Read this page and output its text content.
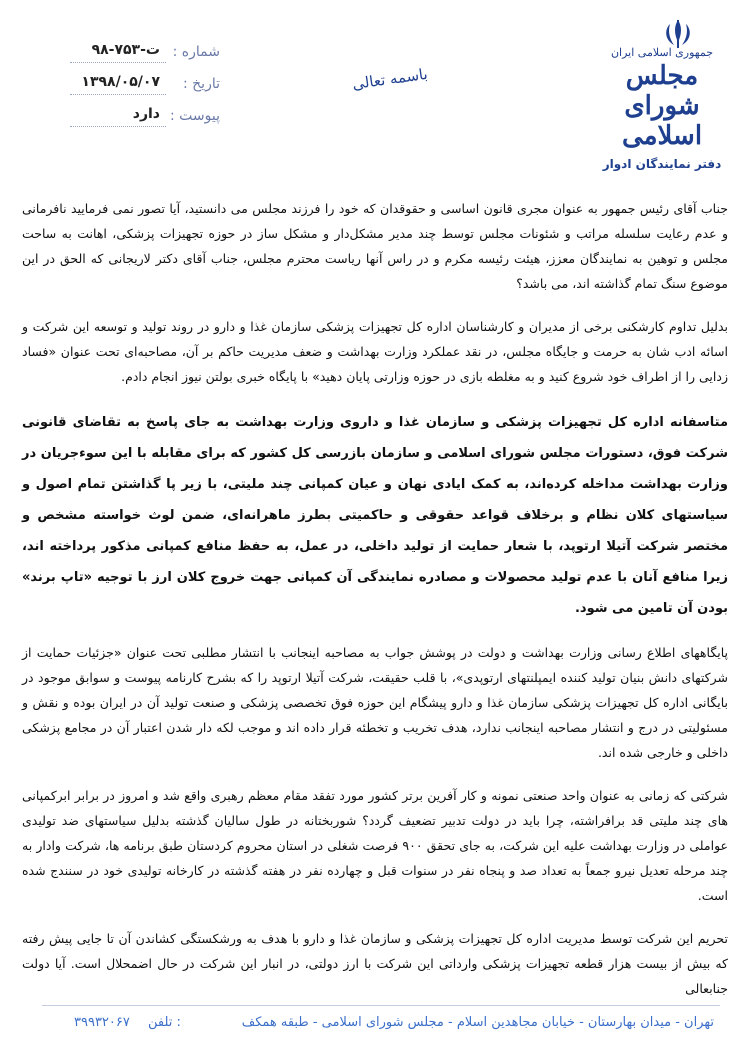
جمهوری اسلامی ایران
مجلس شورای اسلامی
دفتر نمایندگان ادوار
باسمه تعالی
شماره :
ت-۷۵۳-۹۸
تاریخ :
۱۳۹۸/۰۵/۰۷
پیوست :
دارد

جناب آقای رئیس جمهور به عنوان مجری قانون اساسی و حقوقدان که خود را فرزند مجلس می دانستید، آیا تصور نمی فرمایید نافرمانی و عدم رعایت سلسله مراتب و شئونات مجلس توسط چند مدیر مشکل‌دار و مشکل ساز در حوزه تجهیزات پزشکی، اهانت به ساحت مجلس و توهین به نمایندگان معزز، هیئت رئیسه مکرم و در راس آنها ریاست محترم مجلس، جناب آقای دکتر لاریجانی که الحق در این موضوع سنگ تمام گذاشته اند، می باشد؟

بدلیل تداوم کارشکنی برخی از مدیران و کارشناسان اداره کل تجهیزات پزشکی سازمان غذا و دارو در روند تولید و توسعه این شرکت و اسائه ادب شان به حرمت و جایگاه مجلس، در نقد عملکرد وزارت بهداشت و ضعف مدیریت حاکم بر آن، مصاحبه‌ای تحت عنوان «فساد زدایی را از اطراف خود شروع کنید و به مغلطه بازی در حوزه وزارتی پایان دهید» با پایگاه خبری بولتن نیوز انجام دادم.

متاسفانه اداره کل تجهیزات پزشکی و سازمان غذا و داروی وزارت بهداشت به جای پاسخ به تقاضای قانونی شرکت فوق، دستورات مجلس شورای اسلامی و سازمان بازرسی کل کشور که برای مقابله با این سوءجریان در وزارت بهداشت مداخله کرده‌اند، به کمک ایادی نهان و عیان کمپانی چند ملیتی، با زیر پا گذاشتن تمام اصول و سیاستهای کلان نظام و برخلاف قواعد حقوقی و حاکمیتی بطرز ماهرانه‌ای، ضمن لوث خواسته مشخص و مختصر شرکت آتیلا ارتوپد، با شعار حمایت از تولید داخلی، در عمل، به حفظ منافع کمپانی مذکور پرداخته اند، زیرا منافع آنان با عدم تولید محصولات و مصادره نمایندگی آن کمپانی جهت خروج کلان ارز با توجیه «تاپ برند» بودن آن تامین می شود.

پایگاههای اطلاع رسانی وزارت بهداشت و دولت در پوشش جواب به مصاحبه اینجانب با انتشار مطلبی تحت عنوان «جزئیات حمایت از شرکتهای دانش بنیان تولید کننده ایمپلنتهای ارتوپدی»، با قلب حقیقت، شرکت آتیلا ارتوپد را که بشرح کارنامه پیوست و سوابق موجود در بایگانی اداره کل تجهیزات پزشکی سازمان غذا و دارو پیشگام این حوزه فوق تخصصی پزشکی و صنعت تولید آن در ایران بوده و نقش و مسئولیتی در درج و انتشار مصاحبه اینجانب ندارد، هدف تخریب و تخطئه قرار داده اند و موجب لکه دار شدن اعتبار آن در مجامع پزشکی داخلی و خارجی شده اند.

شرکتی که زمانی به عنوان واحد صنعتی نمونه و کار آفرین برتر کشور مورد تفقد مقام معظم رهبری واقع شد و امروز در برابر ابرکمپانی های چند ملیتی قد برافراشته، چرا باید در دولت تدبیر تضعیف گردد؟ شوربختانه در طول سالیان گذشته بدلیل سیاستهای ضد تولیدی عواملی در وزارت بهداشت علیه این شرکت، به جای تحقق ۹۰۰ فرصت شغلی در استان محروم کردستان طبق برنامه ها، شرکت وادار به چند مرحله تعدیل نیرو جمعاً به تعداد صد و پنجاه نفر در سنوات قبل و چهارده نفر در هفته گذشته در کارخانه تولیدی خود در سنندج شده است.

تحریم این شرکت توسط مدیریت اداره کل تجهیزات پزشکی و سازمان غذا و دارو با هدف به ورشکستگی کشاندن آن تا جایی پیش رفته که بیش از بیست هزار قطعه تجهیزات پزشکی وارداتی این شرکت با ارز دولتی، در انبار این شرکت در حال اضمحلال است. آیا دولت جنابعالی

تهران - میدان بهارستان - خیابان مجاهدین اسلام - مجلس شورای اسلامی - طبقه همکف
تلفن :
۳۹۹۳۲۰۶۷
